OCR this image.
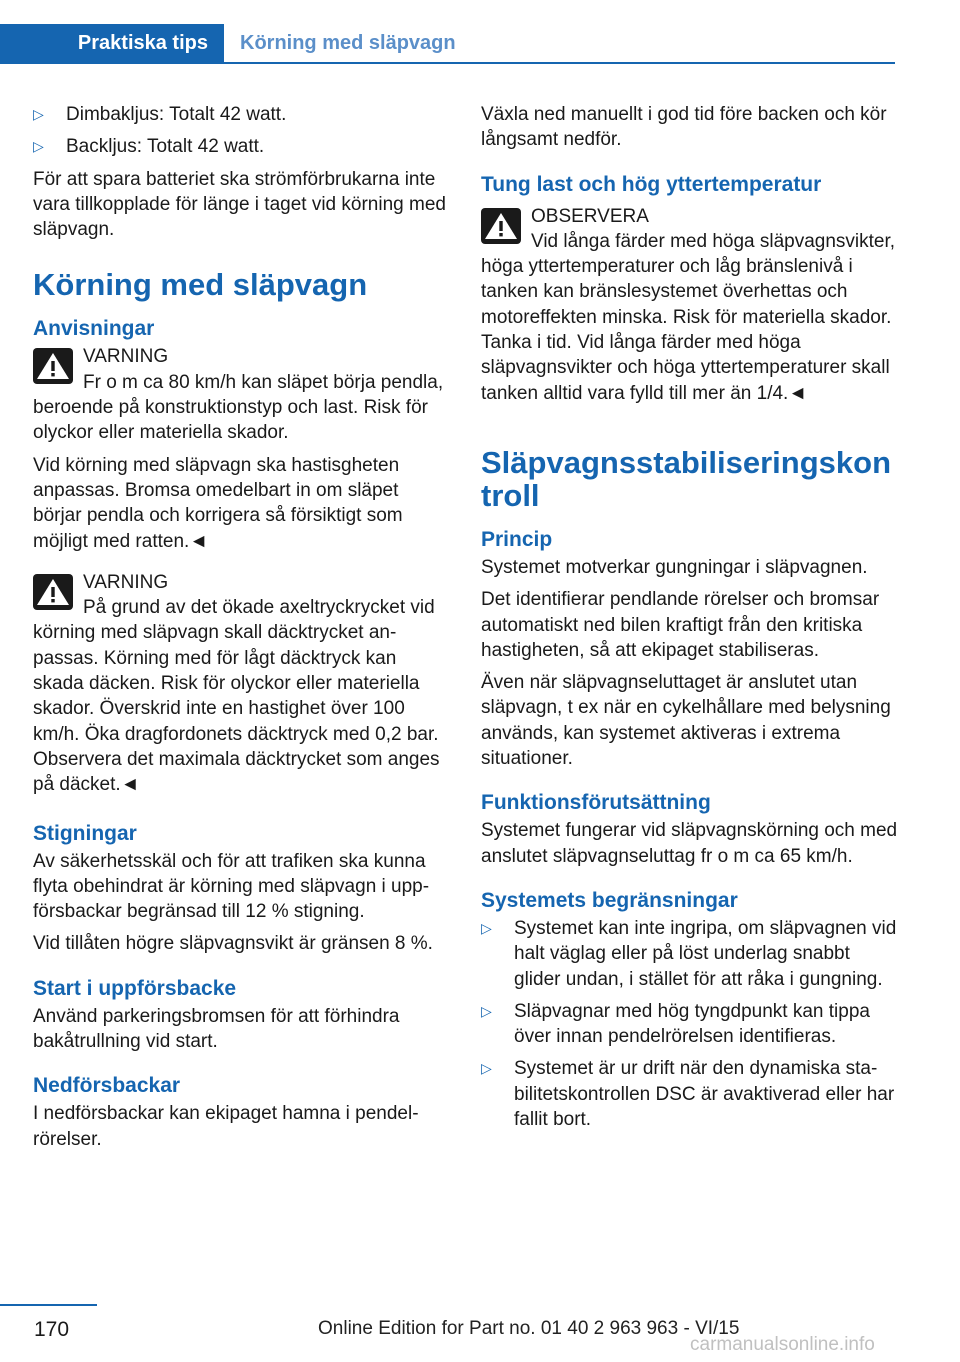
Praktiska tips	Körning med släpvagn
▷ Dimbakljus: Totalt 42 watt.
▷ Backljus: Totalt 42 watt.

För att spara batteriet ska strömförbrukarna inte vara tillkopplade för länge i taget vid körning med släpvagn.

Körning med släpvagn
Anvisningar
VARNING

Fr o m ca 80 km/h kan släpet börja pendla, beroende på konstruktionstyp och last. Risk för olyckor eller materiella skador.

Vid körning med släpvagn ska hastisgheten anpassas. Bromsa omedelbart in om släpet börjar pendla och korrigera så försiktigt som möjligt med ratten.◄

VARNING

På grund av det ökade axeltryckrycket vid körning med släpvagn skall däcktrycket anpassas. Körning med för lågt däcktryck kan skada däcken. Risk för olyckor eller materiella skador. Överskrid inte en hastighet över 100 km/h. Öka dragfordonets däcktryck med 0,2 bar. Observera det maximala däcktrycket som anges på däcket.◄

Stigningar

Av säkerhetsskäl och för att trafiken ska kunna flyta obehindrat är körning med släpvagn i uppförsbackar begränsad till 12 % stigning.

Vid tillåten högre släpvagnsvikt är gränsen 8 %.

Start i uppförsbacke

Använd parkeringsbromsen för att förhindra bakåtrullning vid start.

Nedförsbackar

I nedförsbackar kan ekipaget hamna i pendelrörelser.

Växla ned manuellt i god tid före backen och kör långsamt nedför.

Tung last och hög yttertemperatur
OBSERVERA

Vid långa färder med höga släpvagnsvikter, höga yttertemperaturer och låg bränslenivå i tanken kan bränslesystemet överhettas och motoreffekten minska. Risk för materiella skador. Tanka i tid. Vid långa färder med höga släpvagnsvikter och höga yttertemperaturer skall tanken alltid vara fylld till mer än 1/4.◄

Släpvagnsstabiliseringskontroll
Princip

Systemet motverkar gungningar i släpvagnen.

Det identifierar pendlande rörelser och bromsar automatiskt ned bilen kraftigt från den kritiska hastigheten, så att ekipaget stabiliseras.

Även när släpvagnseluttaget är anslutet utan släpvagn, t ex när en cykelhållare med belysning används, kan systemet aktiveras i extrema situationer.

Funktionsförutsättning

Systemet fungerar vid släpvagnskörning och med anslutet släpvagnseluttag fr o m ca 65 km/h.

Systemets begränsningar
▷ Systemet kan inte ingripa, om släpvagnen vid halt väglag eller på löst underlag snabbt glider undan, i stället för att råka i gungning.
▷ Släpvagnar med hög tyngdpunkt kan tippa över innan pendelrörelsen identifieras.
▷ Systemet är ur drift när den dynamiska stabilitetskontrollen DSC är avaktiverad eller har fallit bort.
170	Online Edition for Part no. 01 40 2 963 963 - VI/15
carmanualsonline.info
